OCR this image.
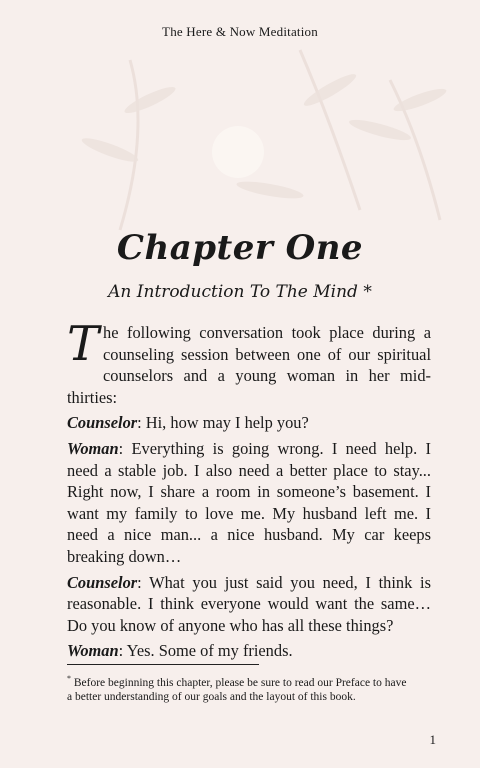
The Here & Now Meditation
Chapter One
An Introduction To The Mind *

The following conversation took place during a counseling session between one of our spiritual counselors and a young woman in her mid-thirties:

Counselor: Hi, how may I help you?

Woman: Everything is going wrong. I need help. I need a stable job. I also need a better place to stay... Right now, I share a room in someone’s basement. I want my family to love me. My husband left me. I need a nice man... a nice husband. My car keeps breaking down…

Counselor: What you just said you need, I think is reasonable. I think everyone would want the same… Do you know of anyone who has all these things?

Woman: Yes. Some of my friends.

* Before beginning this chapter, please be sure to read our Preface to have a better understanding of our goals and the layout of this book.
1
